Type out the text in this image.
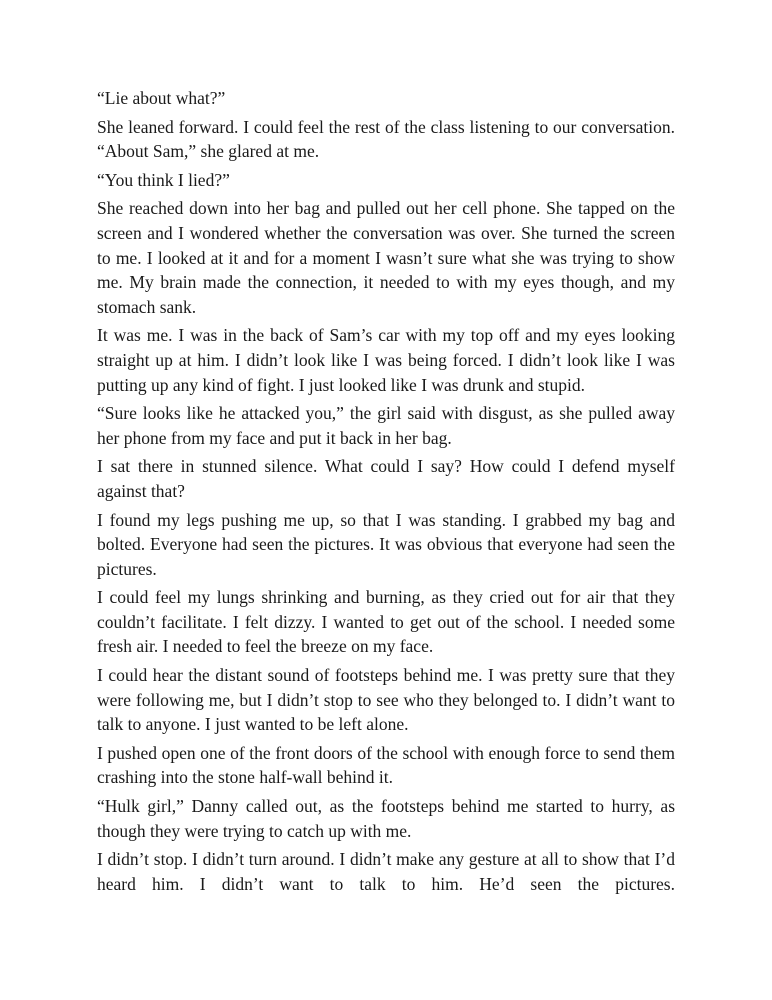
“Lie about what?”

She leaned forward. I could feel the rest of the class listening to our conversation. “About Sam,” she glared at me.

“You think I lied?”

She reached down into her bag and pulled out her cell phone. She tapped on the screen and I wondered whether the conversation was over. She turned the screen to me. I looked at it and for a moment I wasn’t sure what she was trying to show me. My brain made the connection, it needed to with my eyes though, and my stomach sank.

It was me. I was in the back of Sam’s car with my top off and my eyes looking straight up at him. I didn’t look like I was being forced. I didn’t look like I was putting up any kind of fight. I just looked like I was drunk and stupid.

“Sure looks like he attacked you,” the girl said with disgust, as she pulled away her phone from my face and put it back in her bag.

I sat there in stunned silence. What could I say? How could I defend myself against that?

I found my legs pushing me up, so that I was standing. I grabbed my bag and bolted. Everyone had seen the pictures. It was obvious that everyone had seen the pictures.

I could feel my lungs shrinking and burning, as they cried out for air that they couldn’t facilitate. I felt dizzy. I wanted to get out of the school. I needed some fresh air. I needed to feel the breeze on my face.

I could hear the distant sound of footsteps behind me. I was pretty sure that they were following me, but I didn’t stop to see who they belonged to. I didn’t want to talk to anyone. I just wanted to be left alone.

I pushed open one of the front doors of the school with enough force to send them crashing into the stone half-wall behind it.

“Hulk girl,” Danny called out, as the footsteps behind me started to hurry, as though they were trying to catch up with me.

I didn’t stop. I didn’t turn around. I didn’t make any gesture at all to show that I’d heard him. I didn’t want to talk to him. He’d seen the pictures.
